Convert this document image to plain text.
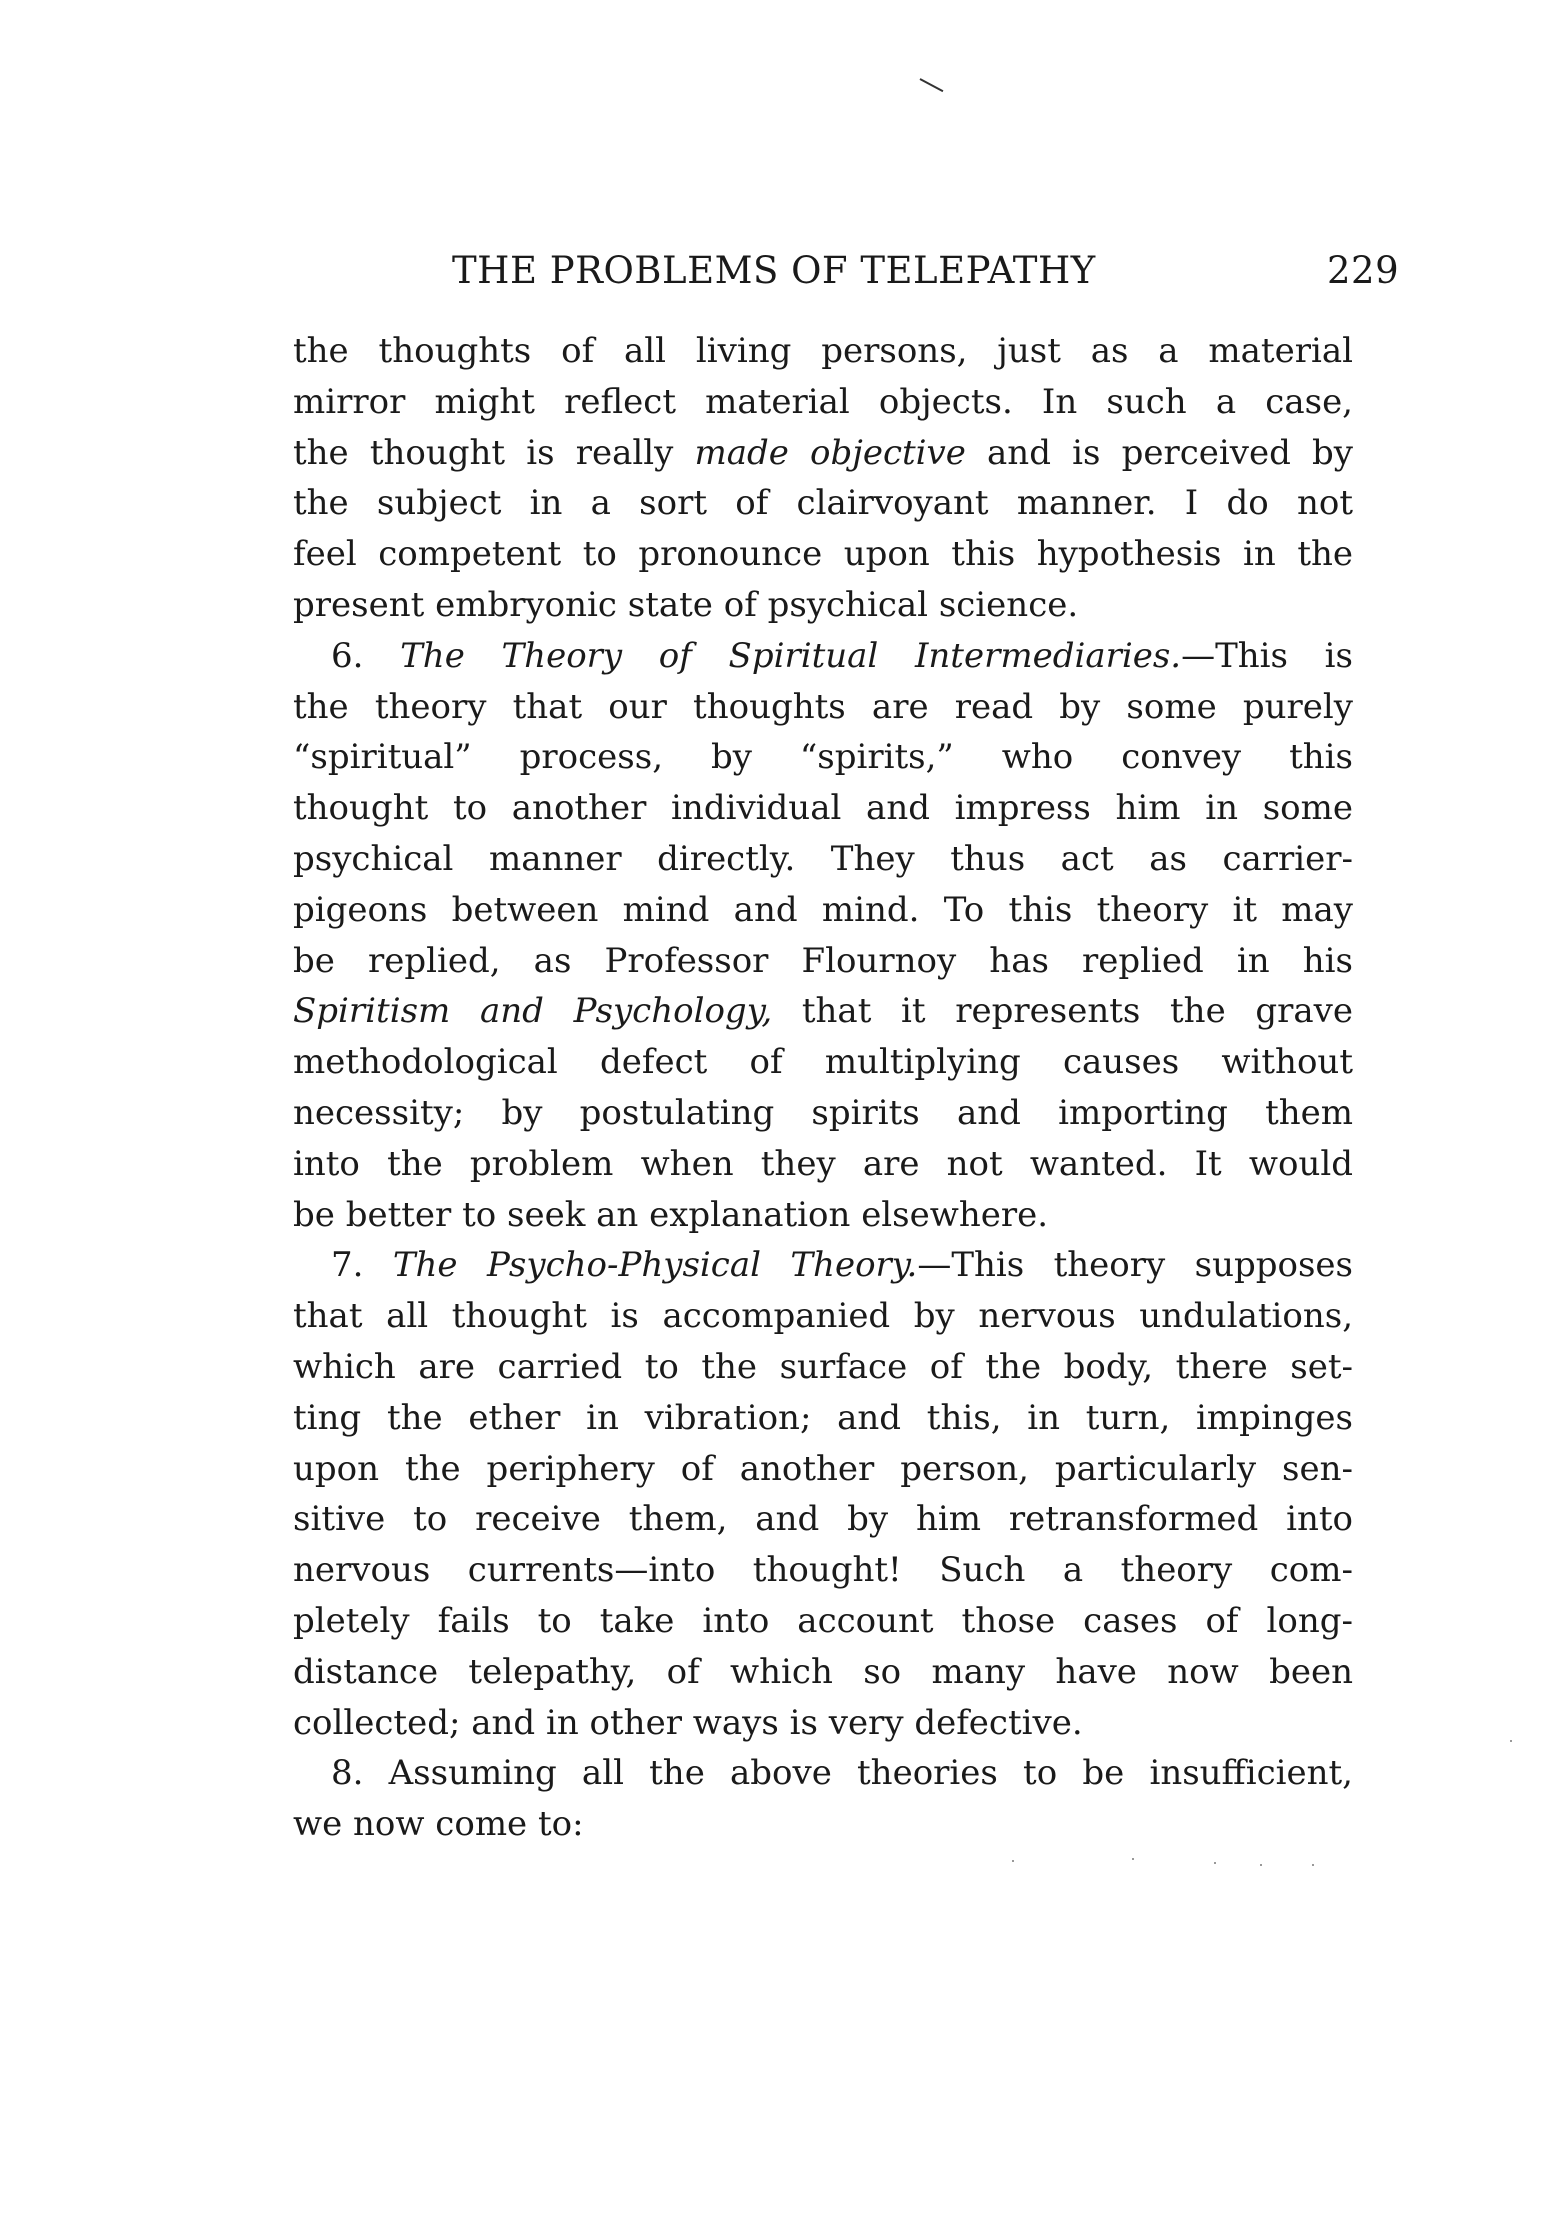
THE PROBLEMS OF TELEPATHY	229
the thoughts of all living persons, just as a material
mirror might reflect material objects. In such a case,
the thought is really made objective and is perceived by
the subject in a sort of clairvoyant manner. I do not
feel competent to pronounce upon this hypothesis in the
present embryonic state of psychical science.
6. The Theory of Spiritual Intermediaries.—This is
the theory that our thoughts are read by some purely
“spiritual” process, by “spirits,” who convey this
thought to another individual and impress him in some
psychical manner directly. They thus act as carrier-
pigeons between mind and mind. To this theory it may
be replied, as Professor Flournoy has replied in his
Spiritism and Psychology, that it represents the grave
methodological defect of multiplying causes without
necessity; by postulating spirits and importing them
into the problem when they are not wanted. It would
be better to seek an explanation elsewhere.
7. The Psycho-Physical Theory.—This theory supposes
that all thought is accompanied by nervous undulations,
which are carried to the surface of the body, there set-
ting the ether in vibration; and this, in turn, impinges
upon the periphery of another person, particularly sen-
sitive to receive them, and by him retransformed into
nervous currents—into thought! Such a theory com-
pletely fails to take into account those cases of long-
distance telepathy, of which so many have now been
collected; and in other ways is very defective.
8. Assuming all the above theories to be insufficient,
we now come to:
